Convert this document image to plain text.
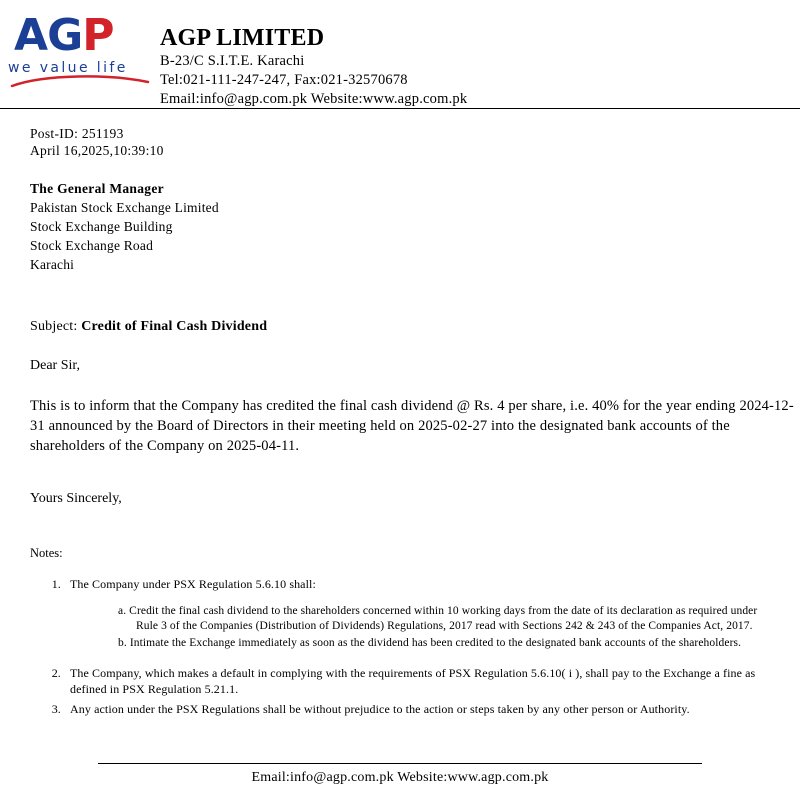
AGP
we value life
AGP LIMITED
B-23/C S.I.T.E. Karachi
Tel:021-111-247-247, Fax:021-32570678
Email:info@agp.com.pk Website:www.agp.com.pk
Post-ID: 251193
April 16,2025,10:39:10
The General Manager
Pakistan Stock Exchange Limited
Stock Exchange Building
Stock Exchange Road
Karachi
Subject: Credit of Final Cash Dividend
Dear Sir,
This is to inform that the Company has credited the final cash dividend @ Rs. 4 per share, i.e. 40% for the year ending 2024-12-31 announced by the Board of Directors in their meeting held on 2025-02-27 into the designated bank accounts of the shareholders of the Company on 2025-04-11.
Yours Sincerely,
Notes:
1. The Company under PSX Regulation 5.6.10 shall:
a. Credit the final cash dividend to the shareholders concerned within 10 working days from the date of its declaration as required under
Rule 3 of the Companies (Distribution of Dividends) Regulations, 2017 read with Sections 242 & 243 of the Companies Act, 2017.
b. Intimate the Exchange immediately as soon as the dividend has been credited to the designated bank accounts of the shareholders.
2. The Company, which makes a default in complying with the requirements of PSX Regulation 5.6.10( i ), shall pay to the Exchange a fine as defined in PSX Regulation 5.21.1.
3. Any action under the PSX Regulations shall be without prejudice to the action or steps taken by any other person or Authority.
Email:info@agp.com.pk Website:www.agp.com.pk
